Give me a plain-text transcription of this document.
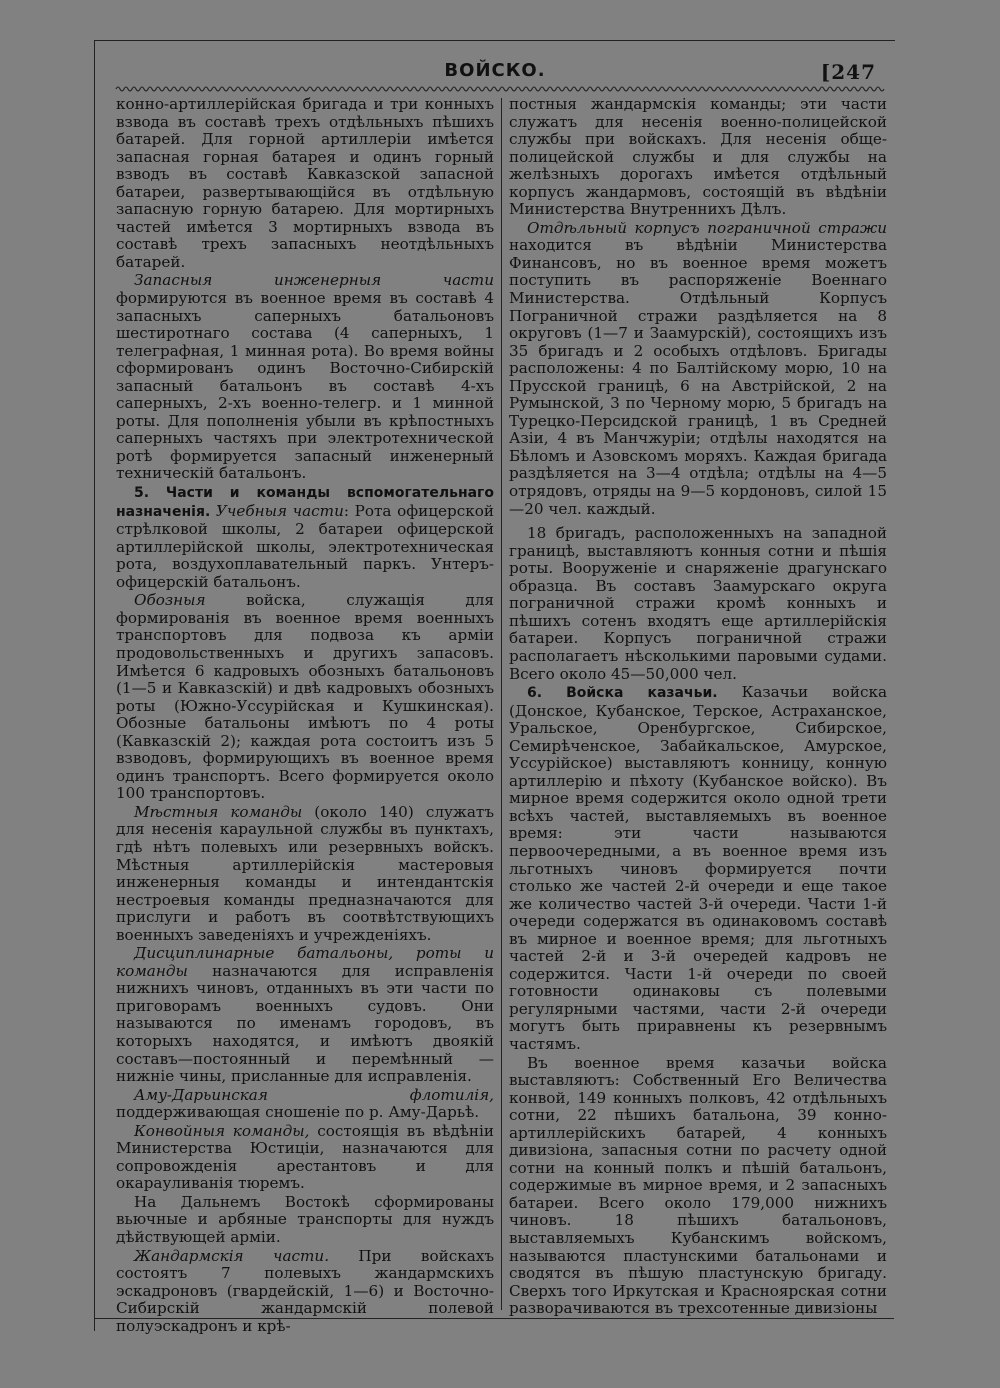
ВОЙСКО.	[247

конно-артиллерійская бригада и три конныхъ взвода въ составѣ трехъ отдѣльныхъ пѣшихъ батарей. Для горной артиллеріи имѣется запасная горная батарея и одинъ горный взводъ въ составѣ Кавказской запасной батареи, развертывающійся въ отдѣльную запасную горную батарею. Для мортирныхъ частей имѣется 3 мортирныхъ взвода въ составѣ трехъ запасныхъ неотдѣльныхъ батарей.

Запасныя инженерныя части формируются въ военное время въ составѣ 4 запасныхъ саперныхъ батальоновъ шестиротнаго состава (4 саперныхъ, 1 телеграфная, 1 минная рота). Во время войны сформированъ одинъ Восточно-Сибирскій запасный батальонъ въ составѣ 4-хъ саперныхъ, 2-хъ военно-телегр. и 1 минной роты. Для пополненія убыли въ крѣпостныхъ саперныхъ частяхъ при электротехнической ротѣ формируется запасный инженерный техническій батальонъ.

5. Части и команды вспомогательнаго назначенія. Учебныя части: Рота офицерской стрѣлковой школы, 2 батареи офицерской артиллерійской школы, электротехническая рота, воздухоплавательный паркъ. Унтеръ-офицерскій батальонъ.

Обозныя войска, служащія для формированія въ военное время военныхъ транспортовъ для подвоза къ арміи продовольственныхъ и другихъ запасовъ. Имѣется 6 кадровыхъ обозныхъ батальоновъ (1—5 и Кавказскій) и двѣ кадровыхъ обозныхъ роты (Южно-Уссурійская и Кушкинская). Обозные батальоны имѣютъ по 4 роты (Кавказскій 2); каждая рота состоитъ изъ 5 взводовъ, формирующихъ въ военное время одинъ транспортъ. Всего формируется около 100 транспортовъ.

Мѣстныя команды (около 140) служатъ для несенія караульной службы въ пунктахъ, гдѣ нѣтъ полевыхъ или резервныхъ войскъ. Мѣстныя артиллерійскія мастеровыя инженерныя команды и интендантскія нестроевыя команды предназначаются для прислуги и работъ въ соотвѣтствующихъ военныхъ заведеніяхъ и учрежденіяхъ.

Дисциплинарные батальоны, роты и команды назначаются для исправленія нижнихъ чиновъ, отданныхъ въ эти части по приговорамъ военныхъ судовъ. Они называются по именамъ городовъ, въ которыхъ находятся, и имѣютъ двоякій составъ—постоянный и перемѣнный — нижніе чины, присланные для исправленія.

Аму-Дарьинская флотилія, поддерживающая сношеніе по р. Аму-Дарьѣ.

Конвойныя команды, состоящія въ вѣдѣніи Министерства Юстиціи, назначаются для сопровожденія арестантовъ и для окарауливанія тюремъ.

На Дальнемъ Востокѣ сформированы вьючные и арбяные транспорты для нуждъ дѣйствующей арміи.

Жандармскія части. При войскахъ состоятъ 7 полевыхъ жандармскихъ эскадроновъ (гвардейскій, 1—6) и Восточно-Сибирскій жандармскій полевой полуэскадронъ и крѣ-

постныя жандармскія команды; эти части служатъ для несенія военно-полицейской службы при войскахъ. Для несенія обще-полицейской службы и для службы на желѣзныхъ дорогахъ имѣется отдѣльный корпусъ жандармовъ, состоящій въ вѣдѣніи Министерства Внутреннихъ Дѣлъ.

Отдѣльный корпусъ пограничной стражи находится въ вѣдѣніи Министерства Финансовъ, но въ военное время можетъ поступить въ распоряженіе Военнаго Министерства. Отдѣльный Корпусъ Пограничной стражи раздѣляется на 8 округовъ (1—7 и Заамурскій), состоящихъ изъ 35 бригадъ и 2 особыхъ отдѣловъ. Бригады расположены: 4 по Балтійскому морю, 10 на Прусской границѣ, 6 на Австрійской, 2 на Румынской, 3 по Черному морю, 5 бригадъ на Турецко-Персидской границѣ, 1 въ Средней Азіи, 4 въ Манчжуріи; отдѣлы находятся на Бѣломъ и Азовскомъ моряхъ. Каждая бригада раздѣляется на 3—4 отдѣла; отдѣлы на 4—5 отрядовъ, отряды на 9—5 кордоновъ, силой 15—20 чел. каждый.

18 бригадъ, расположенныхъ на западной границѣ, выставляютъ конныя сотни и пѣшія роты. Вооруженіе и снаряженіе драгунскаго образца. Въ составъ Заамурскаго округа пограничной стражи кромѣ конныхъ и пѣшихъ сотенъ входятъ еще артиллерійскія батареи. Корпусъ пограничной стражи располагаетъ нѣсколькими паровыми судами. Всего около 45—50,000 чел.

6. Войска казачьи. Казачьи войска (Донское, Кубанское, Терское, Астраханское, Уральское, Оренбургское, Сибирское, Семирѣченское, Забайкальское, Амурское, Уссурійское) выставляютъ конницу, конную артиллерію и пѣхоту (Кубанское войско). Въ мирное время содержится около одной трети всѣхъ частей, выставляемыхъ въ военное время: эти части называются первоочередными, а въ военное время изъ льготныхъ чиновъ формируется почти столько же частей 2-й очереди и еще такое же количество частей 3-й очереди. Части 1-й очереди содержатся въ одинаковомъ составѣ въ мирное и военное время; для льготныхъ частей 2-й и 3-й очередей кадровъ не содержится. Части 1-й очереди по своей готовности одинаковы съ полевыми регулярными частями, части 2-й очереди могутъ быть приравнены къ резервнымъ частямъ.

Въ военное время казачьи войска выставляютъ: Собственный Его Величества конвой, 149 конныхъ полковъ, 42 отдѣльныхъ сотни, 22 пѣшихъ батальона, 39 конно-артиллерійскихъ батарей, 4 конныхъ дивизіона, запасныя сотни по расчету одной сотни на конный полкъ и пѣшій батальонъ, содержимые въ мирное время, и 2 запасныхъ батареи. Всего около 179,000 нижнихъ чиновъ. 18 пѣшихъ батальоновъ, выставляемыхъ Кубанскимъ войскомъ, называются пластунскими батальонами и сводятся въ пѣшую пластунскую бригаду. Сверхъ того Иркутская и Красноярская сотни разворачиваются въ трехсотенные дивизіоны
